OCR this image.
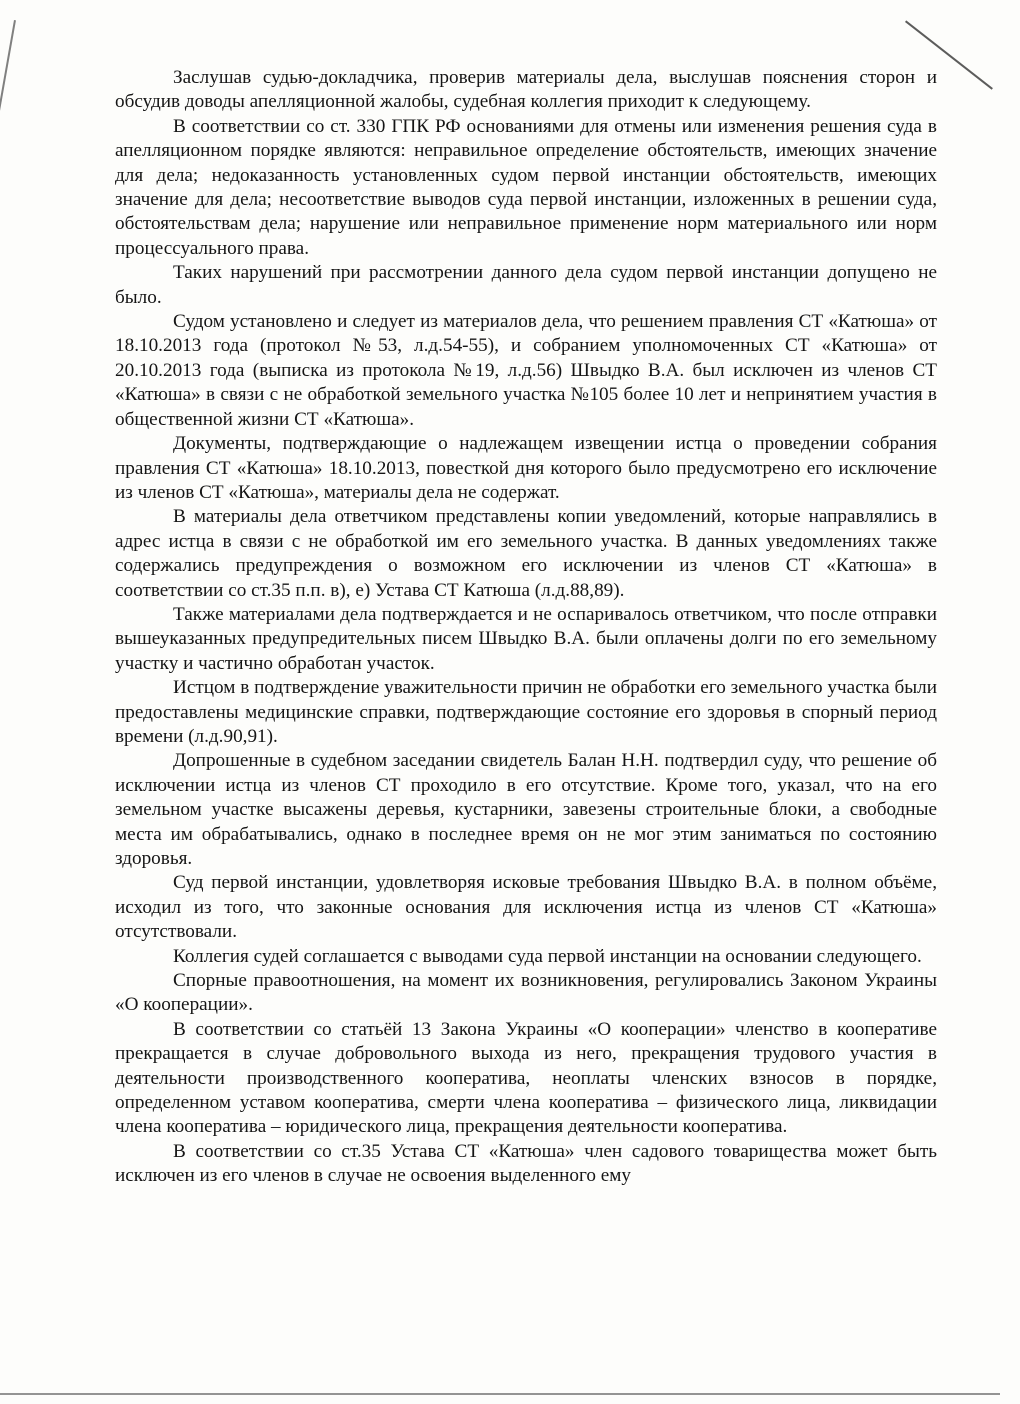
Заслушав судью-докладчика, проверив материалы дела, выслушав пояснения сторон и обсудив доводы апелляционной жалобы, судебная коллегия приходит к следующему.

В соответствии со ст. 330 ГПК РФ основаниями для отмены или изменения решения суда в апелляционном порядке являются: неправильное определение обстоятельств, имеющих значение для дела; недоказанность установленных судом первой инстанции обстоятельств, имеющих значение для дела; несоответствие выводов суда первой инстанции, изложенных в решении суда, обстоятельствам дела; нарушение или неправильное применение норм материального или норм процессуального права.

Таких нарушений при рассмотрении данного дела судом первой инстанции допущено не было.

Судом установлено и следует из материалов дела, что решением правления СТ «Катюша» от 18.10.2013 года (протокол №53, л.д.54-55), и собранием уполномоченных СТ «Катюша» от 20.10.2013 года (выписка из протокола №19, л.д.56) Швыдко В.А. был исключен из членов СТ «Катюша» в связи с не обработкой земельного участка №105 более 10 лет и непринятием участия в общественной жизни СТ «Катюша».

Документы, подтверждающие о надлежащем извещении истца о проведении собрания правления СТ «Катюша» 18.10.2013, повесткой дня которого было предусмотрено его исключение из членов СТ «Катюша», материалы дела не содержат.

В материалы дела ответчиком представлены копии уведомлений, которые направлялись в адрес истца в связи с не обработкой им его земельного участка. В данных уведомлениях также содержались предупреждения о возможном его исключении из членов СТ «Катюша» в соответствии со ст.35 п.п. в), е) Устава СТ Катюша (л.д.88,89).

Также материалами дела подтверждается и не оспаривалось ответчиком, что после отправки вышеуказанных предупредительных писем Швыдко В.А. были оплачены долги по его земельному участку и частично обработан участок.

Истцом в подтверждение уважительности причин не обработки его земельного участка были предоставлены медицинские справки, подтверждающие состояние его здоровья в спорный период времени (л.д.90,91).

Допрошенные в судебном заседании свидетель Балан Н.Н. подтвердил суду, что решение об исключении истца из членов СТ проходило в его отсутствие. Кроме того, указал, что на его земельном участке высажены деревья, кустарники, завезены строительные блоки, а свободные места им обрабатывались, однако в последнее время он не мог этим заниматься по состоянию здоровья.

Суд первой инстанции, удовлетворяя исковые требования Швыдко В.А. в полном объёме, исходил из того, что законные основания для исключения истца из членов СТ «Катюша» отсутствовали.

Коллегия судей соглашается с выводами суда первой инстанции на основании следующего.

Спорные правоотношения, на момент их возникновения, регулировались Законом Украины «О кооперации».

В соответствии со статьёй 13 Закона Украины «О кооперации» членство в кооперативе прекращается в случае добровольного выхода из него, прекращения трудового участия в деятельности производственного кооператива, неоплаты членских взносов в порядке, определенном уставом кооператива, смерти члена кооператива – физического лица, ликвидации члена кооператива – юридического лица, прекращения деятельности кооператива.

В соответствии со ст.35 Устава СТ «Катюша» член садового товарищества может быть исключен из его членов в случае не освоения выделенного ему
